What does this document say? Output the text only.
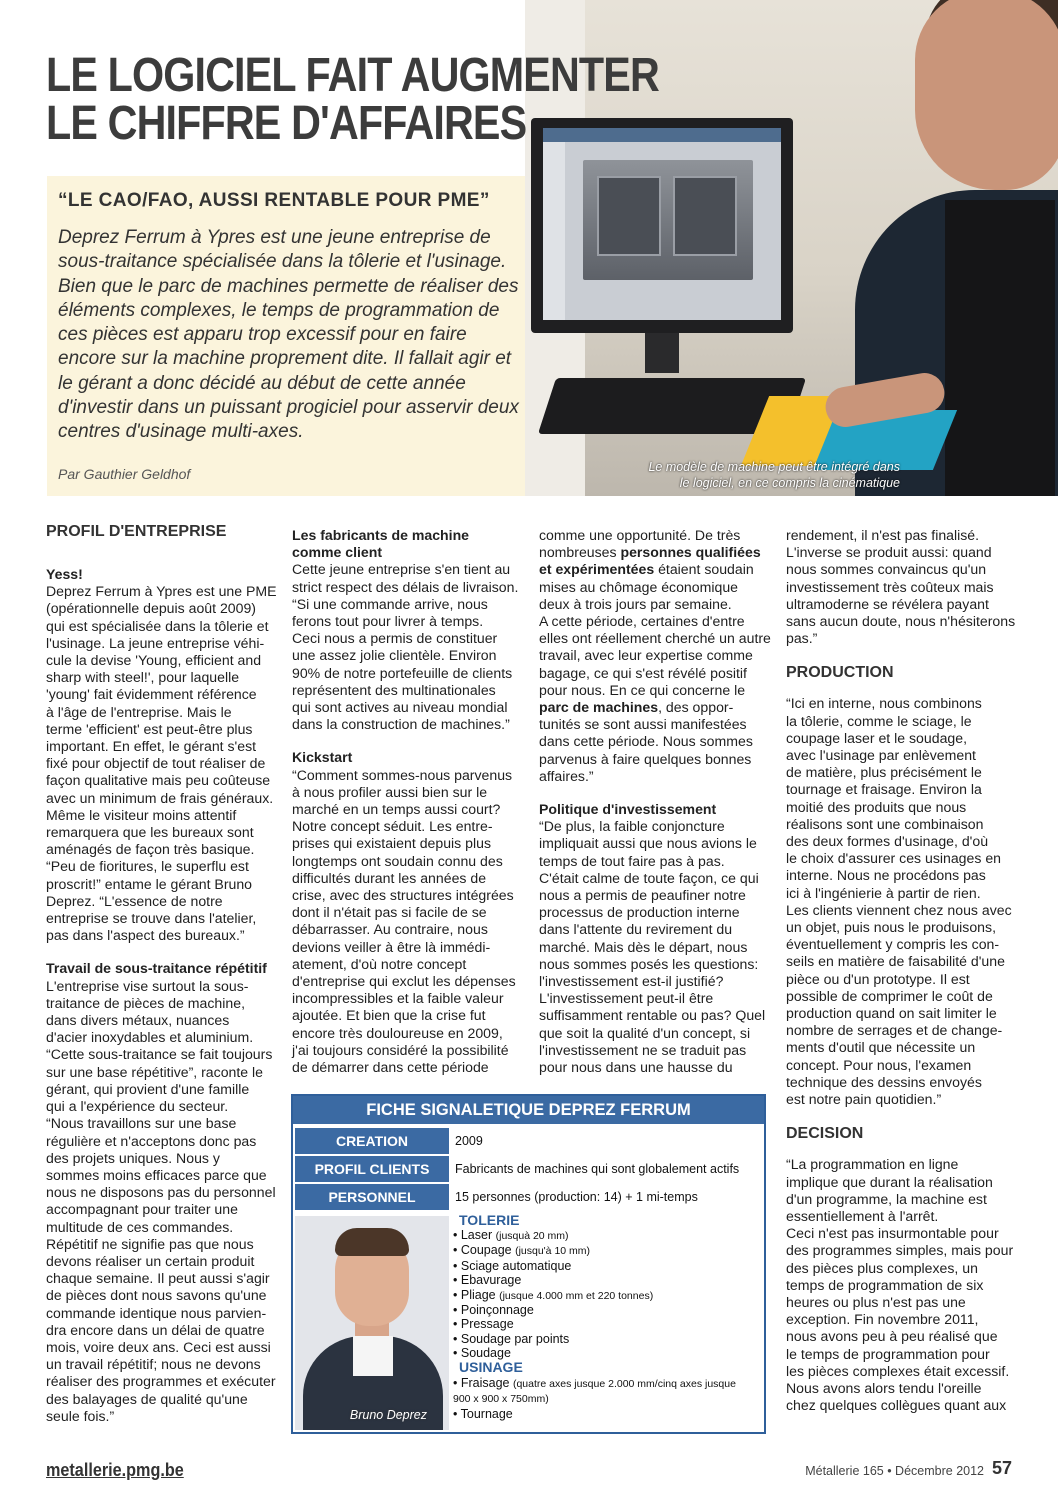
Le modèle de machine peut être intégré dans
le logiciel, en ce compris la cinématique
LE LOGICIEL FAIT AUGMENTER
LE CHIFFRE D'AFFAIRES
“LE CAO/FAO, AUSSI RENTABLE POUR PME”
Deprez Ferrum à Ypres est une jeune entreprise de sous-traitance spécialisée dans la tôlerie et l'usinage. Bien que le parc de machines permette de réaliser des éléments complexes, le temps de programmation de ces pièces est apparu trop excessif pour en faire encore sur la machine proprement dite. Il fallait agir et le gérant a donc décidé au début de cette année d'investir dans un puissant progiciel pour asservir deux centres d'usinage multi-axes.
Par Gauthier Geldhof
PROFIL D'ENTREPRISE
Yess!

Deprez Ferrum à Ypres est une PME

(opérationnelle depuis août 2009)

qui est spécialisée dans la tôlerie et

l'usinage. La jeune entreprise véhi-

cule la devise 'Young, efficient and

sharp with steel!', pour laquelle

'young' fait évidemment référence

à l'âge de l'entreprise. Mais le

terme 'efficient' est peut-être plus

important. En effet, le gérant s'est

fixé pour objectif de tout réaliser de

façon qualitative mais peu coûteuse

avec un minimum de frais généraux.

Même le visiteur moins attentif

remarquera que les bureaux sont

aménagés de façon très basique.

“Peu de fioritures, le superflu est

proscrit!” entame le gérant Bruno

Deprez. “L'essence de notre

entreprise se trouve dans l'atelier,

pas dans l'aspect des bureaux.”

Travail de sous-traitance répétitif

L'entreprise vise surtout la sous-

traitance de pièces de machine,

dans divers métaux, nuances

d'acier inoxydables et aluminium.

“Cette sous-traitance se fait toujours

sur une base répétitive”, raconte le

gérant, qui provient d'une famille

qui a l'expérience du secteur.

“Nous travaillons sur une base

régulière et n'acceptons donc pas

des projets uniques. Nous y

sommes moins efficaces parce que

nous ne disposons pas du personnel

accompagnant pour traiter une

multitude de ces commandes.

Répétitif ne signifie pas que nous

devons réaliser un certain produit

chaque semaine. Il peut aussi s'agir

de pièces dont nous savons qu'une

commande identique nous parvien-

dra encore dans un délai de quatre

mois, voire deux ans. Ceci est aussi

un travail répétitif; nous ne devons

réaliser des programmes et exécuter

des balayages de qualité qu'une

seule fois.”

Les fabricants de machine
comme client

Cette jeune entreprise s'en tient au

strict respect des délais de livraison.

“Si une commande arrive, nous

ferons tout pour livrer à temps.

Ceci nous a permis de constituer

une assez jolie clientèle. Environ

90% de notre portefeuille de clients

représentent des multinationales

qui sont actives au niveau mondial

dans la construction de machines.”

Kickstart

“Comment sommes-nous parvenus

à nous profiler aussi bien sur le

marché en un temps aussi court?

Notre concept séduit. Les entre-

prises qui existaient depuis plus

longtemps ont soudain connu des

difficultés durant les années de

crise, avec des structures intégrées

dont il n'était pas si facile de se

débarrasser. Au contraire, nous

devions veiller à être là immédi-

atement, d'où notre concept

d'entreprise qui exclut les dépenses

incompressibles et la faible valeur

ajoutée. Et bien que la crise fut

encore très douloureuse en 2009,

j'ai toujours considéré la possibilité

de démarrer dans cette période

comme une opportunité. De très

nombreuses personnes qualifiées

et expérimentées étaient soudain

mises au chômage économique

deux à trois jours par semaine.

A cette période, certaines d'entre

elles ont réellement cherché un autre

travail, avec leur expertise comme

bagage, ce qui s'est révélé positif

pour nous. En ce qui concerne le

parc de machines, des oppor-

tunités se sont aussi manifestées

dans cette période. Nous sommes

parvenus à faire quelques bonnes

affaires.”

Politique d'investissement

“De plus, la faible conjoncture

impliquait aussi que nous avions le

temps de tout faire pas à pas.

C'était calme de toute façon, ce qui

nous a permis de peaufiner notre

processus de production interne

dans l'attente du revirement du

marché. Mais dès le départ, nous

nous sommes posés les questions:

l'investissement est-il justifié?

L'investissement peut-il être

suffisamment rentable ou pas? Quel

que soit la qualité d'un concept, si

l'investissement ne se traduit pas

pour nous dans une hausse du

rendement, il n'est pas finalisé.

L'inverse se produit aussi: quand

nous sommes convaincus qu'un

investissement très coûteux mais

ultramoderne se révélera payant

sans aucun doute, nous n'hésiterons

pas.”

PRODUCTION

“Ici en interne, nous combinons

la tôlerie, comme le sciage, le

coupage laser et le soudage,

avec l'usinage par enlèvement

de matière, plus précisément le

tournage et fraisage. Environ la

moitié des produits que nous

réalisons sont une combinaison

des deux formes d'usinage, d'où

le choix d'assurer ces usinages en

interne. Nous ne procédons pas

ici à l'ingénierie à partir de rien.

Les clients viennent chez nous avec

un objet, puis nous le produisons,

éventuellement y compris les con-

seils en matière de faisabilité d'une

pièce ou d'un prototype. Il est

possible de comprimer le coût de

production quand on sait limiter le

nombre de serrages et de change-

ments d'outil que nécessite un

concept. Pour nous, l'examen

technique des dessins envoyés

est notre pain quotidien.”

DECISION

“La programmation en ligne

implique que durant la réalisation

d'un programme, la machine est

essentiellement à l'arrêt.

Ceci n'est pas insurmontable pour

des programmes simples, mais pour

des pièces plus complexes, un

temps de programmation de six

heures ou plus n'est pas une

exception. Fin novembre 2011,

nous avons peu à peu réalisé que

le temps de programmation pour

les pièces complexes était excessif.

Nous avons alors tendu l'oreille

chez quelques collègues quant aux

FICHE SIGNALETIQUE DEPREZ FERRUM
CREATION	2009
PROFIL CLIENTS	Fabricants de machines qui sont globalement actifs
PERSONNEL	15 personnes (production: 14) + 1 mi-temps
Bruno Deprez
TOLERIE
• Laser (jusquà 20 mm)
• Coupage (jusqu'à 10 mm)
• Sciage automatique
• Ebavurage
• Pliage (jusque 4.000 mm et 220 tonnes)
• Poinçonnage
• Pressage
• Soudage par points
• Soudage
USINAGE
• Fraisage (quatre axes jusque 2.000 mm/cinq axes jusque
900 x 900 x 750mm)
• Tournage
metallerie.pmg.be	Métallerie 165 • Décembre 2012 57
